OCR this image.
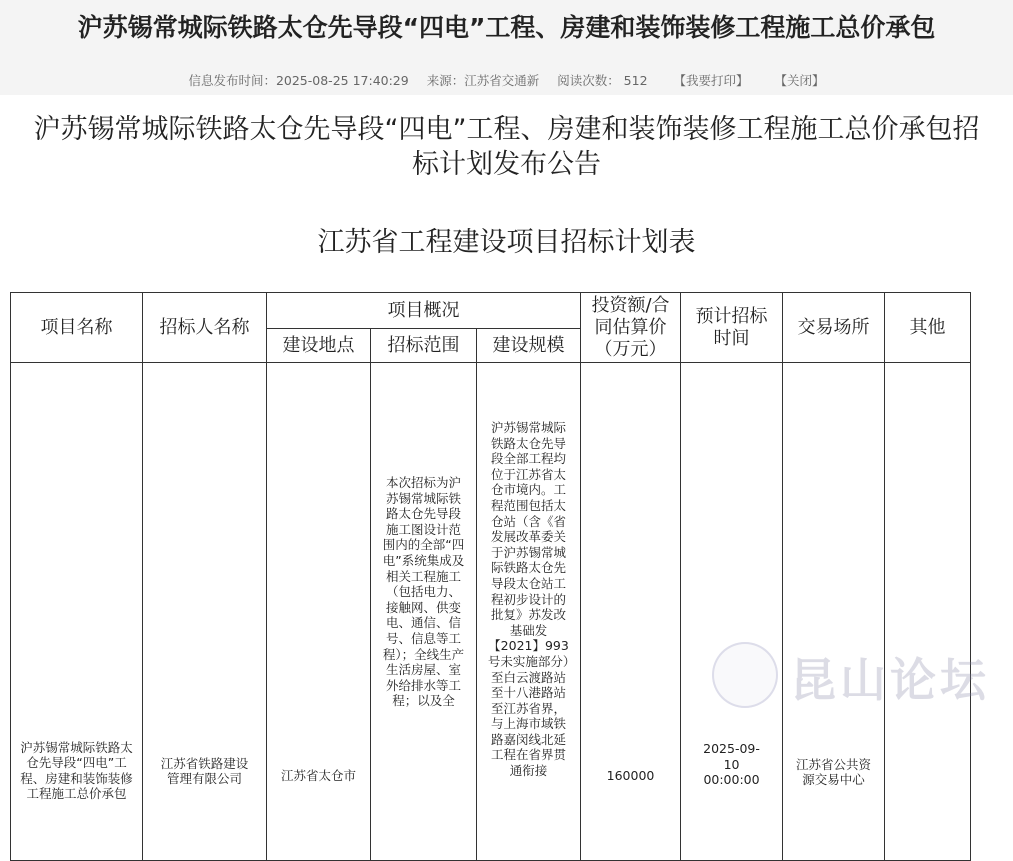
沪苏锡常城际铁路太仓先导段“四电”工程、房建和装饰装修工程施工总价承包
信息发布时间：2025-08-25 17:40:29 来源：江苏省交通新 阅读次数： 512 【我要打印】 【关闭】
沪苏锡常城际铁路太仓先导段“四电”工程、房建和装饰装修工程施工总价承包招标计划发布公告
江苏省工程建设项目招标计划表
项目名称	招标人名称	项目概况			投资额/合同估算价（万元）	预计招标时间	交易场所	其他
		建设地点	招标范围	建设规模				

沪苏锡常城际铁路太仓先导段“四电”工程、房建和装饰装修工程施工总价承包	江苏省铁路建设管理有限公司	江苏省太仓市	本次招标为沪苏锡常城际铁路太仓先导段施工图设计范围内的全部“四电”系统集成及相关工程施工（包括电力、接触网、供变电、通信、信号、信息等工程）；全线生产生活房屋、室外给排水等工程；以及全	沪苏锡常城际铁路太仓先导段全部工程均位于江苏省太仓市境内。工程范围包括太仓站（含《省发展改革委关于沪苏锡常城际铁路太仓先导段太仓站工程初步设计的批复》苏发改基础发【2021】993号未实施部分）至白云渡路站至十八港路站至江苏省界，与上海市域铁路嘉闵线北延工程在省界贯通衔接	160000	2025-09-10 00:00:00	江苏省公共资源交易中心	

昆山论坛
